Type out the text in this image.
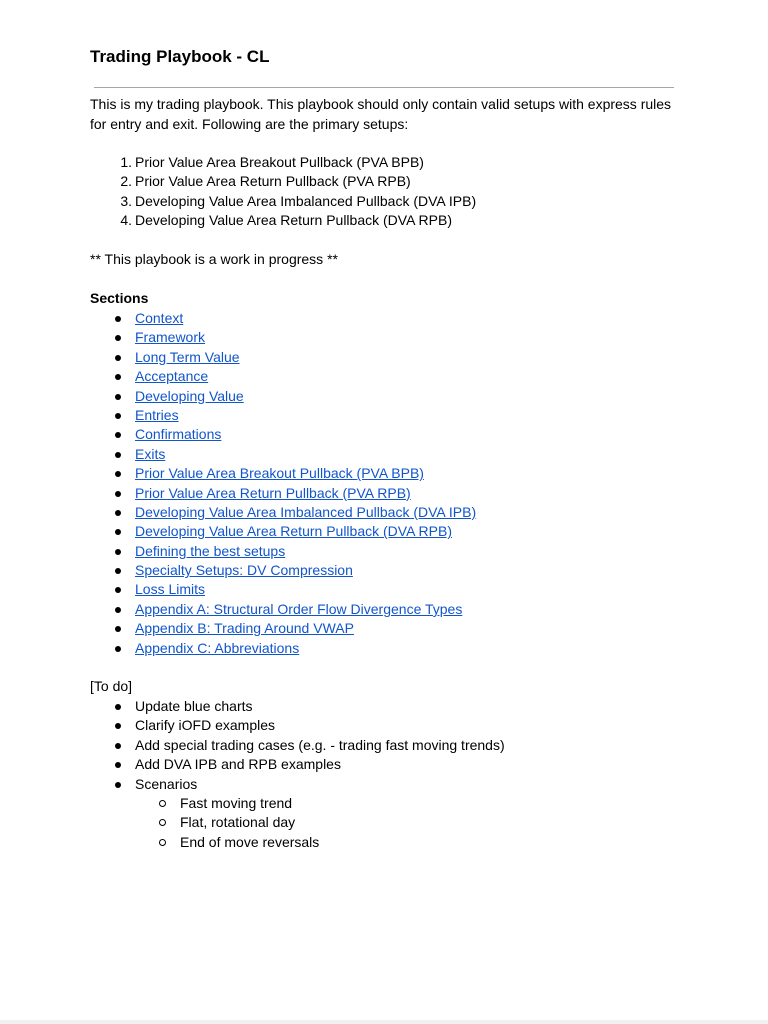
Trading Playbook - CL

This is my trading playbook. This playbook should only contain valid setups with express rules for entry and exit. Following are the primary setups:

1. Prior Value Area Breakout Pullback (PVA BPB)
2. Prior Value Area Return Pullback (PVA RPB)
3. Developing Value Area Imbalanced Pullback (DVA IPB)
4. Developing Value Area Return Pullback (DVA RPB)

** This playbook is a work in progress **

Sections

Context
Framework
Long Term Value
Acceptance
Developing Value
Entries
Confirmations
Exits
Prior Value Area Breakout Pullback (PVA BPB)
Prior Value Area Return Pullback (PVA RPB)
Developing Value Area Imbalanced Pullback (DVA IPB)
Developing Value Area Return Pullback (DVA RPB)
Defining the best setups
Specialty Setups: DV Compression
Loss Limits
Appendix A: Structural Order Flow Divergence Types
Appendix B: Trading Around VWAP
Appendix C: Abbreviations

[To do]

Update blue charts
Clarify iOFD examples
Add special trading cases (e.g. - trading fast moving trends)
Add DVA IPB and RPB examples
Scenarios
Fast moving trend
Flat, rotational day
End of move reversals
